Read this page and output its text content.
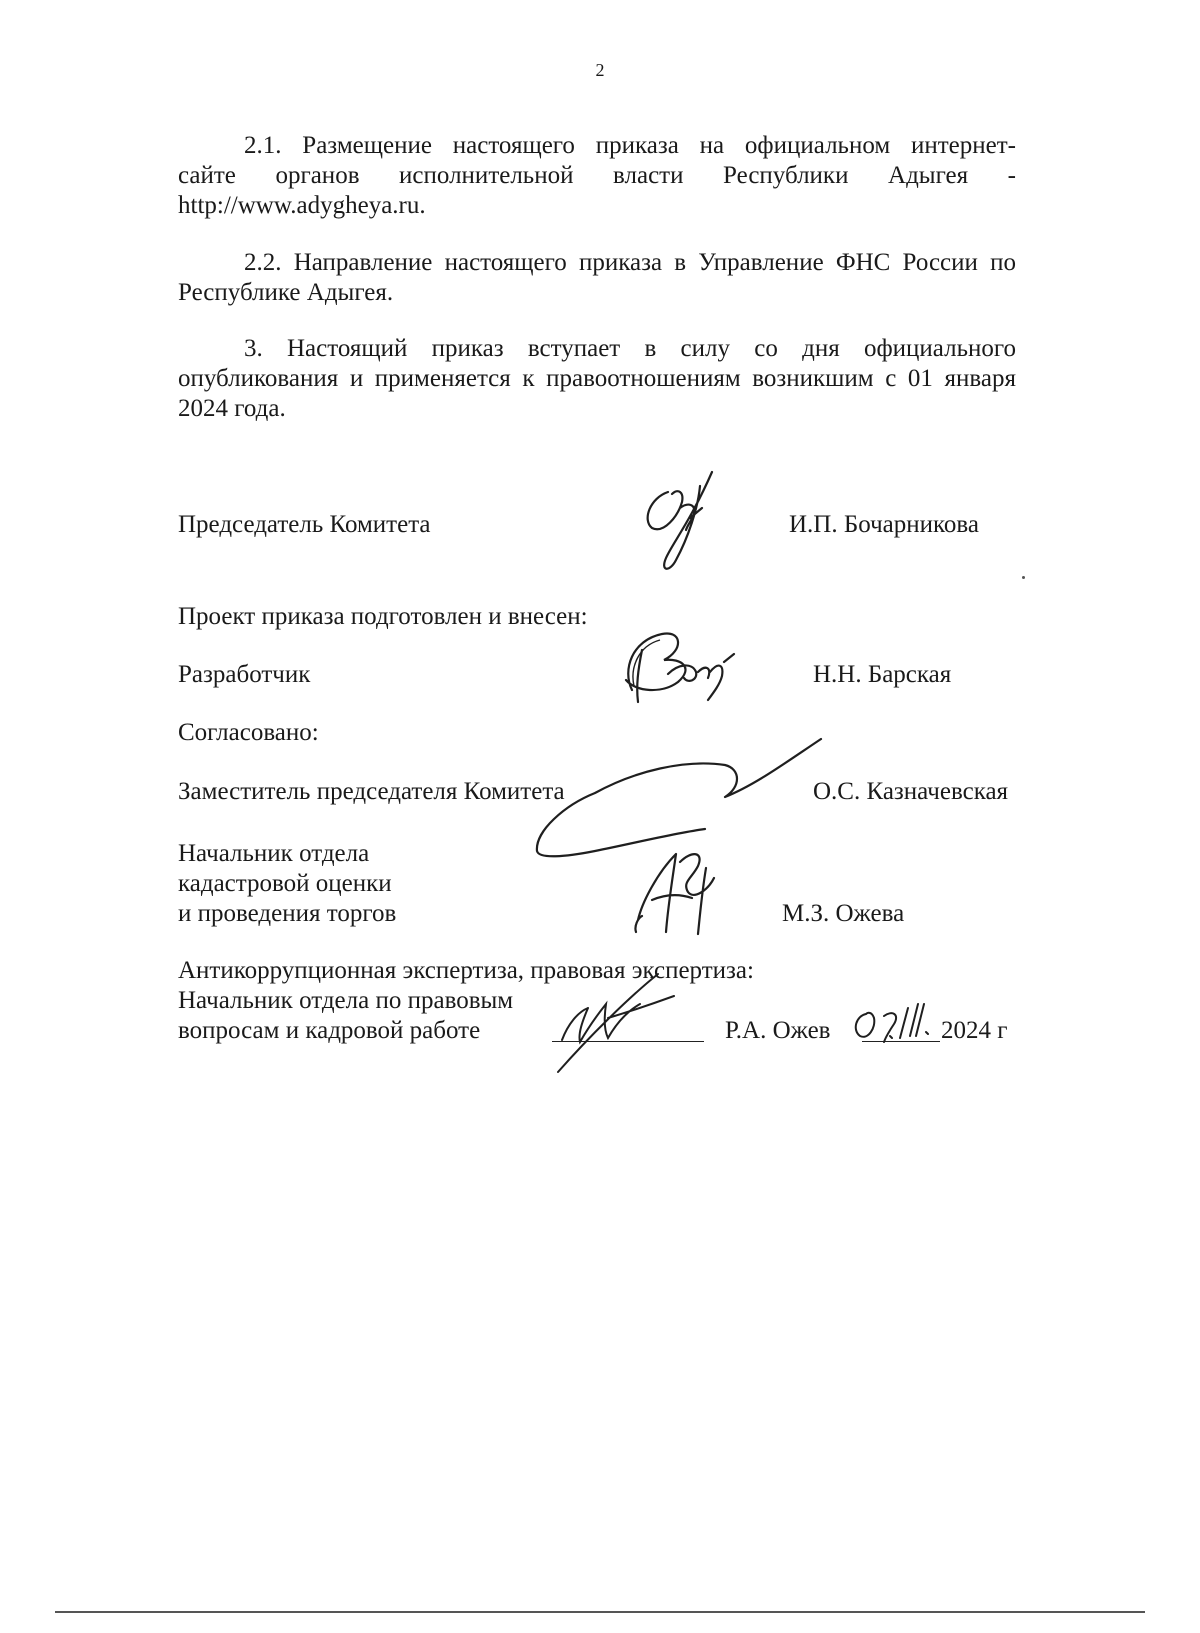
2
2.1. Размещение настоящего приказа на официальном интернет-
сайте органов исполнительной власти Республики Адыгея -
http://www.adygheya.ru.
2.2. Направление настоящего приказа в Управление ФНС России по
Республике Адыгея.
3. Настоящий приказ вступает в силу со дня официального
опубликования и применяется к правоотношениям возникшим с 01 января
2024 года.
Председатель Комитета	И.П. Бочарникова
Проект приказа подготовлен и внесен:
Разработчик	Н.Н. Барская
Согласовано:
Заместитель председателя Комитета	О.С. Казначевская
Начальник отдела
кадастровой оценки
и проведения торгов	М.З. Ожева
Антикоррупционная экспертиза, правовая экспертиза:
Начальник отдела по правовым
вопросам и кадровой работе	Р.А. Ожев	2024 г
